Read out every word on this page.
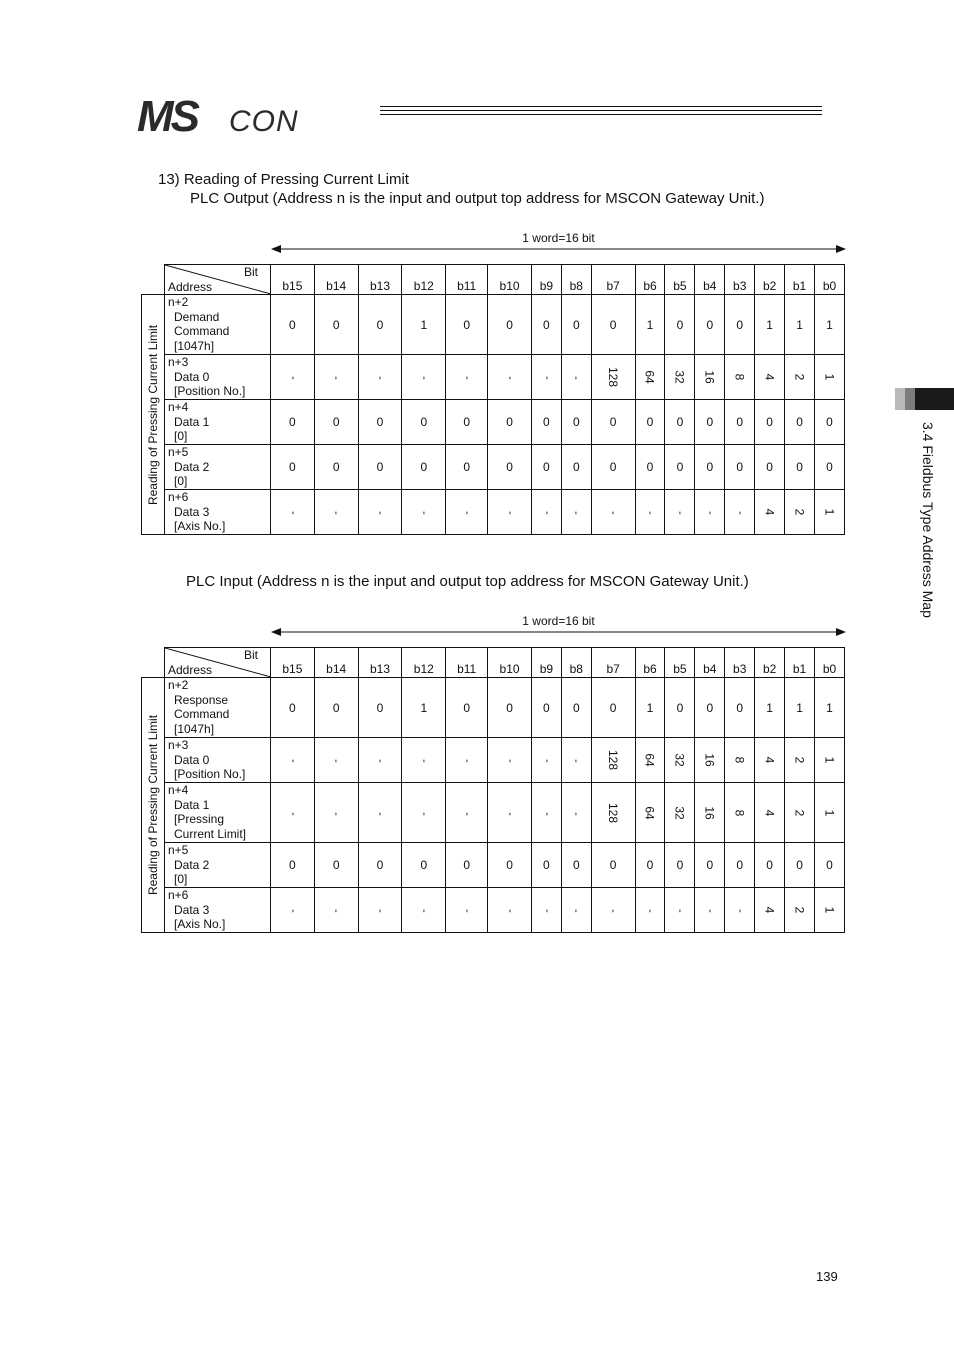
MS CON
3.4 Fieldbus Type Address Map
13) Reading of Pressing Current Limit
PLC Output (Address n is the input and output top address for MSCON Gateway Unit.)
1 word=16 bit

	Bit
Address	b15	b14	b13	b12	b11	b10	b9	b8	b7	b6	b5	b4	b3	b2	b1	b0

Reading of Pressing Current Limit	n+2
Demand
Command
[1047h]	0	0	0	1	0	0	0	0	0	1	0	0	0	1	1	1

	n+3
Data 0
[Position No.]	-	-	-	-	-	-	-	-	128	64	32	16	8	4	2	1

	n+4
Data 1
[0]	0	0	0	0	0	0	0	0	0	0	0	0	0	0	0	0

	n+5
Data 2
[0]	0	0	0	0	0	0	0	0	0	0	0	0	0	0	0	0

	n+6
Data 3
[Axis No.]	-	-	-	-	-	-	-	-	-	-	-	-	-	4	2	1
PLC Input (Address n is the input and output top address for MSCON Gateway Unit.)
1 word=16 bit

	Bit
Address	b15	b14	b13	b12	b11	b10	b9	b8	b7	b6	b5	b4	b3	b2	b1	b0

Reading of Pressing Current Limit	n+2
Response
Command
[1047h]	0	0	0	1	0	0	0	0	0	1	0	0	0	1	1	1

	n+3
Data 0
[Position No.]	-	-	-	-	-	-	-	-	128	64	32	16	8	4	2	1

	n+4
Data 1
[Pressing
Current Limit]	-	-	-	-	-	-	-	-	128	64	32	16	8	4	2	1

	n+5
Data 2
[0]	0	0	0	0	0	0	0	0	0	0	0	0	0	0	0	0

	n+6
Data 3
[Axis No.]	-	-	-	-	-	-	-	-	-	-	-	-	-	4	2	1
139
